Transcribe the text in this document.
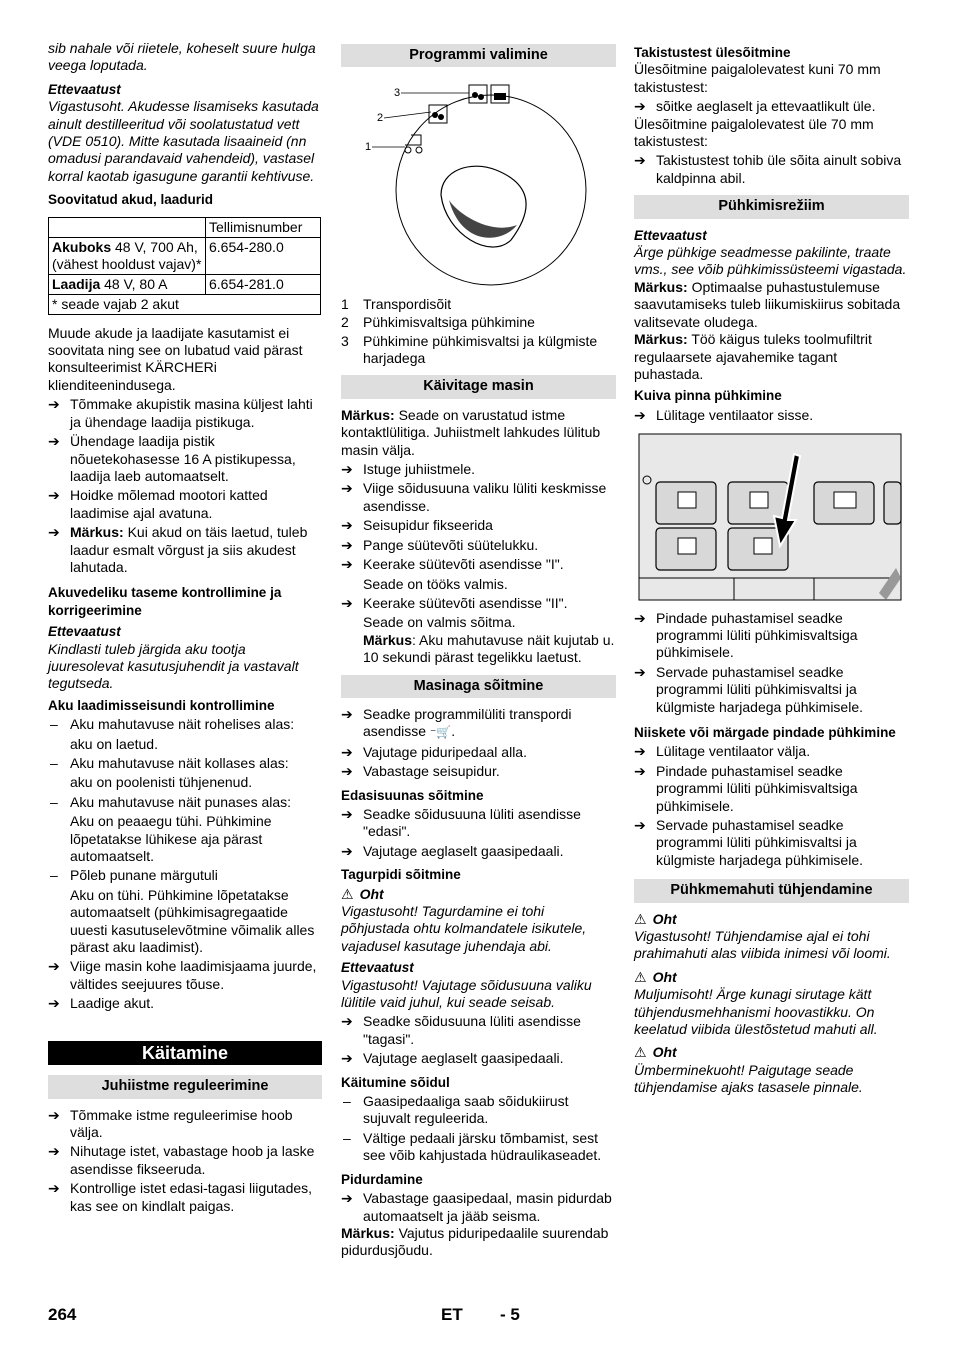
sib nahale või riietele, koheselt suure hulga veega loputada.

Ettevaatust

Vigastusoht. Akudesse lisamiseks kasutada ainult destilleeritud või soolatustatud vett (VDE 0510). Mitte kasutada lisaaineid (nn omadusi parandavaid vahendeid), vastasel korral kaotab igasugune garantii kehtivuse.

Soovitatud akud, laadurid

	Tellimisnumber
Akuboks 48 V, 700 Ah, (vähest hooldust vajav)*	6.654-280.0
Laadija 48 V, 80 A	6.654-281.0
* seade vajab 2 akut	

Muude akude ja laadijate kasutamist ei soovitata ning see on lubatud vaid pärast konsulteerimist KÄRCHERi klienditeenindusega.

➔ Tõmmake akupistik masina küljest lahti ja ühendage laadija pistikuga.
➔ Ühendage laadija pistik nõuetekohasesse 16 A pistikupessa, laadija laeb automaatselt.
➔ Hoidke mõlemad mootori katted laadimise ajal avatuna.
➔ Märkus: Kui akud on täis laetud, tuleb laadur esmalt võrgust ja siis akudest lahutada.

Akuvedeliku taseme kontrollimine ja korrigeerimine

Ettevaatust

Kindlasti tuleb järgida aku tootja juuresolevat kasutusjuhendit ja vastavalt tegutseda.

Aku laadimisseisundi kontrollimine

– Aku mahutavuse näit rohelises alas:

aku on laetud.

– Aku mahutavuse näit kollases alas:

aku on poolenisti tühjenenud.

– Aku mahutavuse näit punases alas:

Aku on peaaegu tühi. Pühkimine lõpetatakse lühikese aja pärast automaatselt.

– Põleb punane märgutuli

Aku on tühi. Pühkimine lõpetatakse automaatselt (pühkimisagregaatide uuesti kasutuselevõtmine võimalik alles pärast aku laadimist).

➔ Viige masin kohe laadimisjaama juurde, vältides seejuures tõuse.
➔ Laadige akut.
Käitamine
Juhiistme reguleerimine
➔ Tõmmake istme reguleerimise hoob välja.
➔ Nihutage istet, vabastage hoob ja laske asendisse fikseeruda.
➔ Kontrollige istet edasi-tagasi liigutades, kas see on kindlalt paigas.
Programmi valimine
3
2
1
1 Transpordisõit
2 Pühkimisvaltsiga pühkimine
3 Pühkimine pühkimisvaltsi ja külgmiste harjadega
Käivitage masin

Märkus: Seade on varustatud istme kontaktlülitiga. Juhiistmelt lahkudes lülitub masin välja.

➔ Istuge juhiistmele.
➔ Viige sõidusuuna valiku lüliti keskmisse asendisse.
➔ Seisupidur fikseerida
➔ Pange süütevõti süütelukku.
➔ Keerake süütevõti asendisse "I".

Seade on tööks valmis.

➔ Keerake süütevõti asendisse "II".

Seade on valmis sõitma.

Märkus: Aku mahutavuse näit kujutab u. 10 sekundi pärast tegelikku laetust.

Masinaga sõitmine
➔ Seadke programmilüliti transpordi asendisse ⁻🛒.
➔ Vajutage piduripedaal alla.
➔ Vabastage seisupidur.

Edasisuunas sõitmine

➔ Seadke sõidusuuna lüliti asendisse "edasi".
➔ Vajutage aeglaselt gaasipedaali.

Tagurpidi sõitmine

⚠ Oht

Vigastusoht! Tagurdamine ei tohi põhjustada ohtu kolmandatele isikutele, vajadusel kasutage juhendaja abi.

Ettevaatust

Vigastusoht! Vajutage sõidusuuna valiku lülitile vaid juhul, kui seade seisab.

➔ Seadke sõidusuuna lüliti asendisse "tagasi".
➔ Vajutage aeglaselt gaasipedaali.

Käitumine sõidul

– Gaasipedaaliga saab sõidukiirust sujuvalt reguleerida.
– Vältige pedaali järsku tõmbamist, sest see võib kahjustada hüdraulikaseadet.

Pidurdamine

➔ Vabastage gaasipedaal, masin pidurdab automaatselt ja jääb seisma.

Märkus: Vajutus piduripedaalile suurendab pidurdusjõudu.

Takistustest ülesõitmine

Ülesõitmine paigalolevatest kuni 70 mm takistustest:

➔ sõitke aeglaselt ja ettevaatlikult üle.

Ülesõitmine paigalolevatest üle 70 mm takistustest:

➔ Takistustest tohib üle sõita ainult sobiva kaldpinna abil.
Pühkimisrežiim

Ettevaatust

Ärge pühkige seadmesse pakilinte, traate vms., see võib pühkimissüsteemi vigastada.

Märkus: Optimaalse puhastustulemuse saavutamiseks tuleb liikumiskiirus sobitada valitsevate oludega.

Märkus: Töö käigus tuleks toolmufiltrit regulaarsete ajavahemike tagant puhastada.

Kuiva pinna pühkimine

➔ Lülitage ventilaator sisse.
➔ Pindade puhastamisel seadke programmi lüliti pühkimisvaltsiga pühkimisele.
➔ Servade puhastamisel seadke programmi lüliti pühkimisvaltsi ja külgmiste harjadega pühkimisele.

Niiskete või märgade pindade pühkimine

➔ Lülitage ventilaator välja.
➔ Pindade puhastamisel seadke programmi lüliti pühkimisvaltsiga pühkimisele.
➔ Servade puhastamisel seadke programmi lüliti pühkimisvaltsi ja külgmiste harjadega pühkimisele.
Pühkmemahuti tühjendamine
⚠ Oht

Vigastusoht! Tühjendamise ajal ei tohi prahimahuti alas viibida inimesi või loomi.

⚠ Oht

Muljumisoht! Ärge kunagi sirutage kätt tühjendusmehhanismi hoovastikku. On keelatud viibida ülestõstetud mahuti all.

⚠ Oht

Ümberminekuoht! Paigutage seade tühjendamise ajaks tasasele pinnale.

264	ET - 5
